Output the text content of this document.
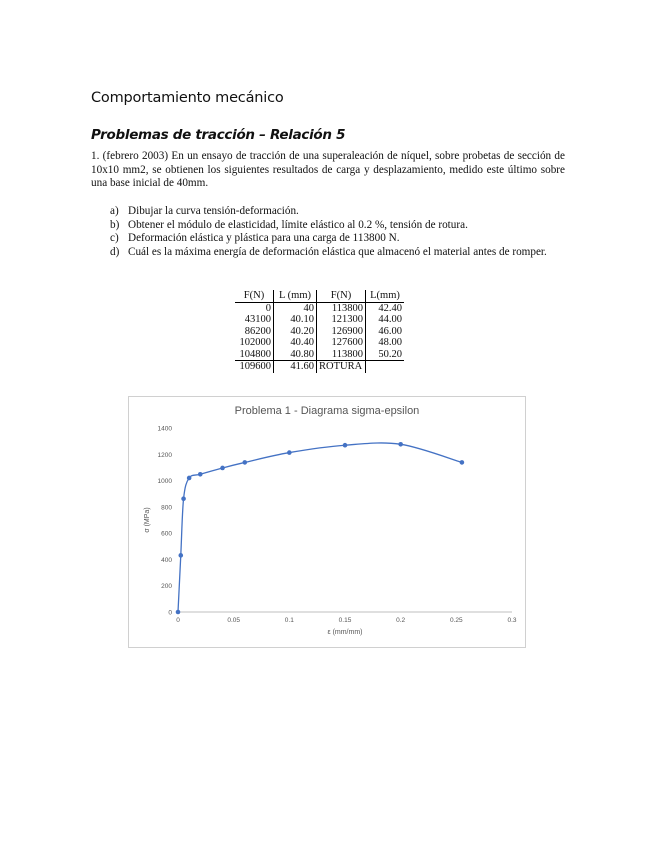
Comportamiento mecánico
Problemas de tracción – Relación 5

1. (febrero 2003) En un ensayo de tracción de una superaleación de níquel, sobre probetas de sección de 10x10 mm2, se obtienen los siguientes resultados de carga y desplazamiento, medido este último sobre una base inicial de 40mm.

a) Dibujar la curva tensión-deformación.
b) Obtener el módulo de elasticidad, límite elástico al 0.2 %, tensión de rotura.
c) Deformación elástica y plástica para una carga de 113800 N.
d) Cuál es la máxima energía de deformación elástica que almacenó el material antes de romper.
F(N)	L (mm)	F(N)	L(mm)
0	40	113800	42.40
43100	40.10	121300	44.00
86200	40.20	126900	46.00
102000	40.40	127600	48.00
104800	40.80	113800	50.20
109600	41.60	ROTURA	
Problema 1 - Diagrama sigma-epsilon
0
200
400
600
800
1000
1200
1400
0	0.05	0.1	0.15	0.2	0.25	0.3
σ (MPa)
ε (mm/mm)
